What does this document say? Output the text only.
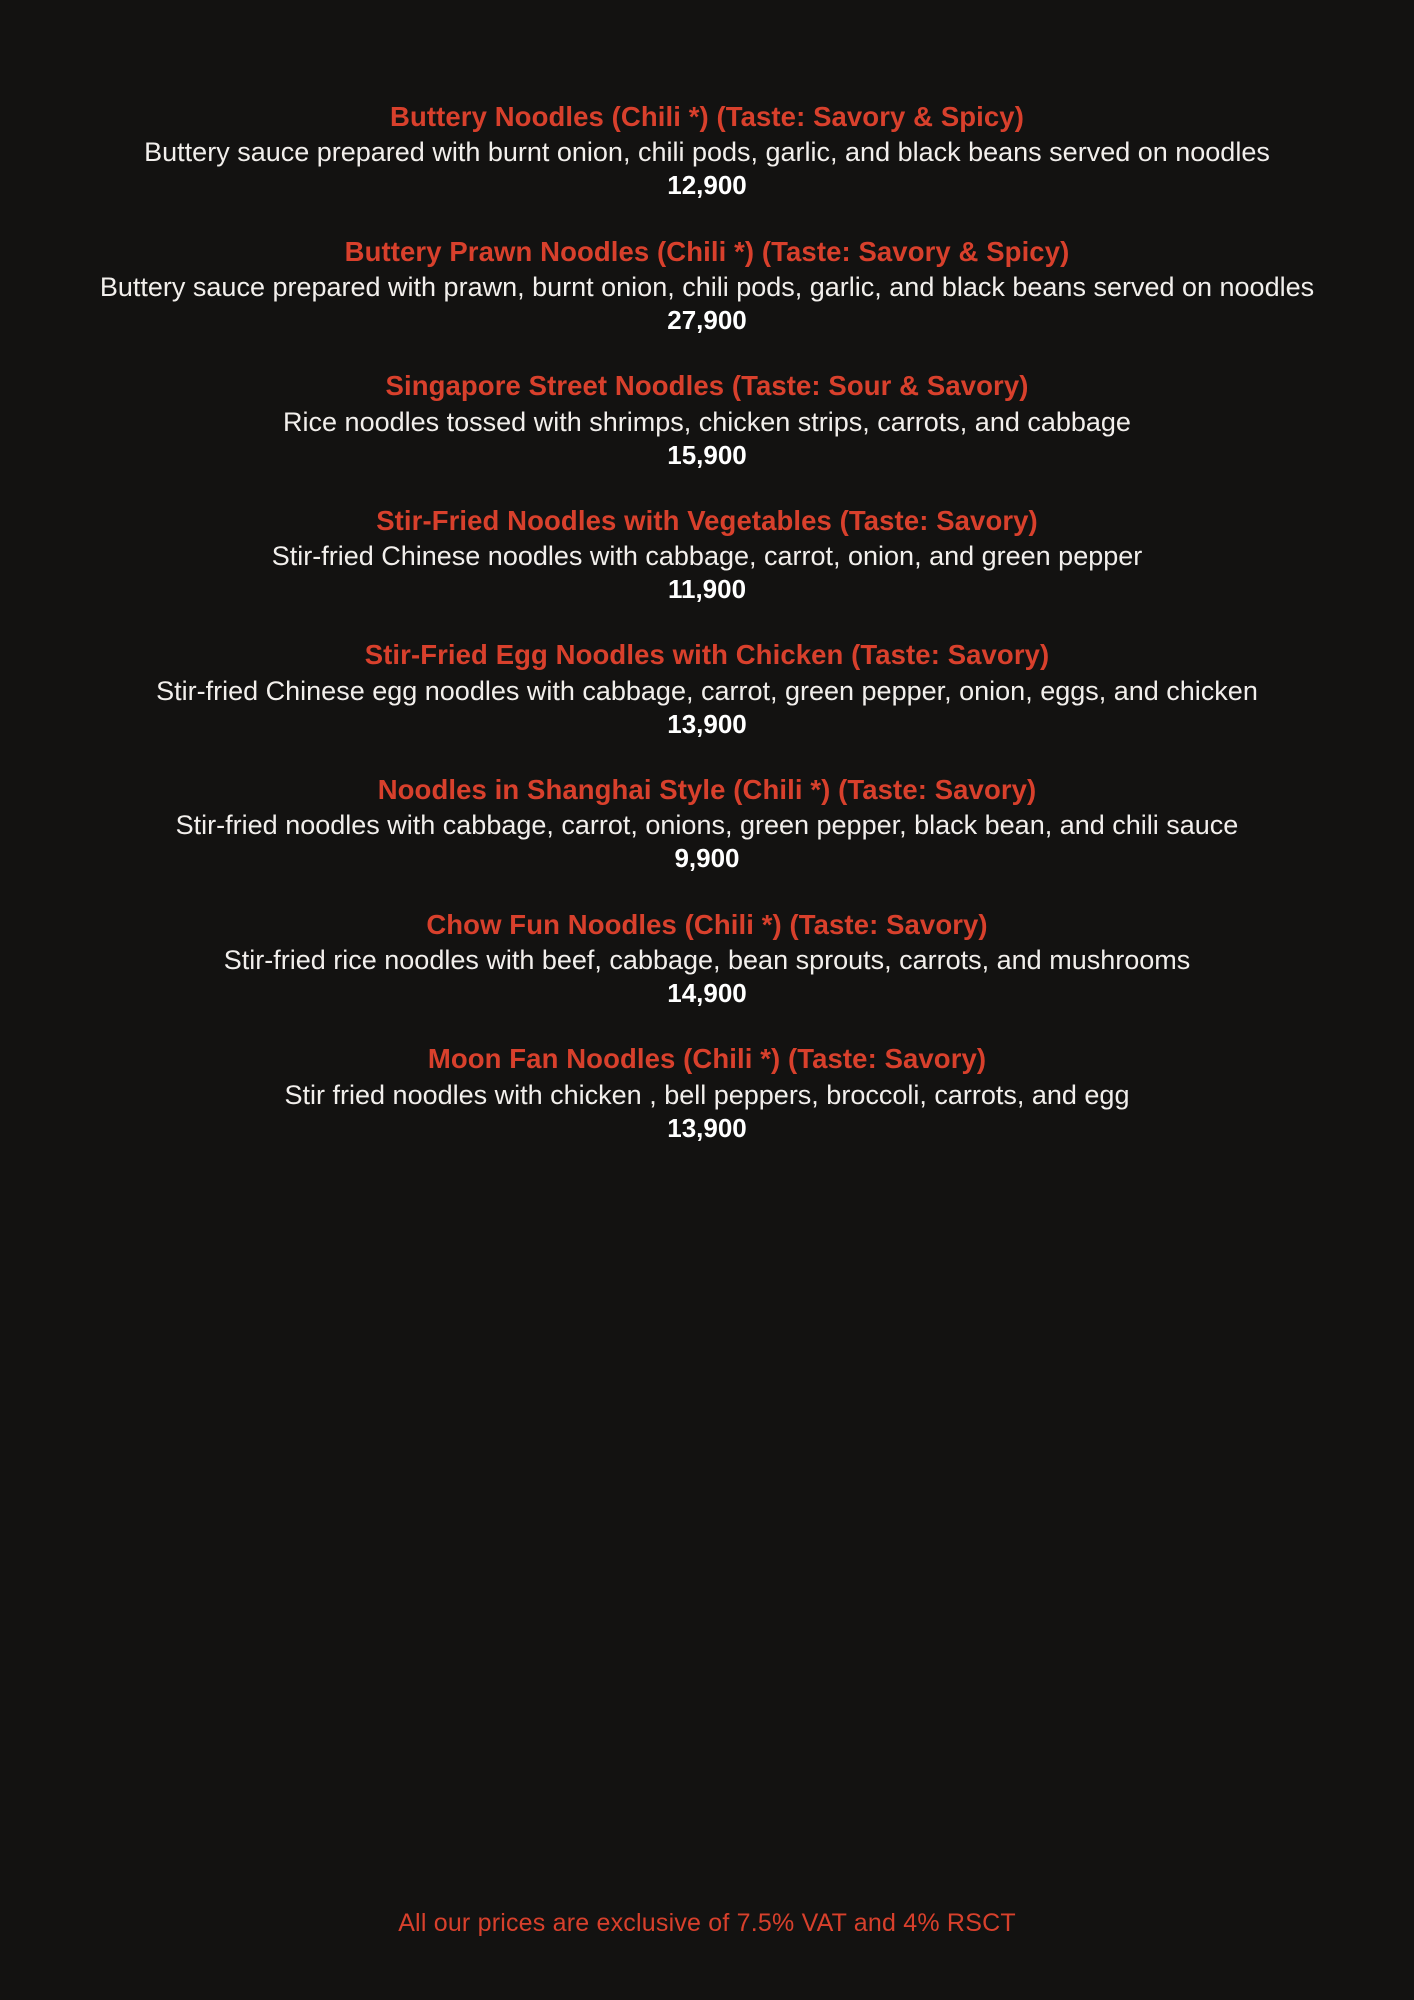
Buttery Noodles (Chili *) (Taste: Savory & Spicy)
Buttery sauce prepared with burnt onion, chili pods, garlic, and black beans served on noodles
12,900
Buttery Prawn Noodles (Chili *) (Taste: Savory & Spicy)
Buttery sauce prepared with prawn, burnt onion, chili pods, garlic, and black beans served on noodles
27,900
Singapore Street Noodles (Taste: Sour & Savory)
Rice noodles tossed with shrimps, chicken strips, carrots, and cabbage
15,900
Stir-Fried Noodles with Vegetables (Taste: Savory)
Stir-fried Chinese noodles with cabbage, carrot, onion, and green pepper
11,900
Stir-Fried Egg Noodles with Chicken (Taste: Savory)
Stir-fried Chinese egg noodles with cabbage, carrot, green pepper, onion, eggs, and chicken
13,900
Noodles in Shanghai Style (Chili *) (Taste: Savory)
Stir-fried noodles with cabbage, carrot, onions, green pepper, black bean, and chili sauce
9,900
Chow Fun Noodles (Chili *) (Taste: Savory)
Stir-fried rice noodles with beef, cabbage, bean sprouts, carrots, and mushrooms
14,900
Moon Fan Noodles (Chili *) (Taste: Savory)
Stir fried noodles with chicken , bell peppers, broccoli, carrots, and egg
13,900
All our prices are exclusive of 7.5% VAT and 4% RSCT
